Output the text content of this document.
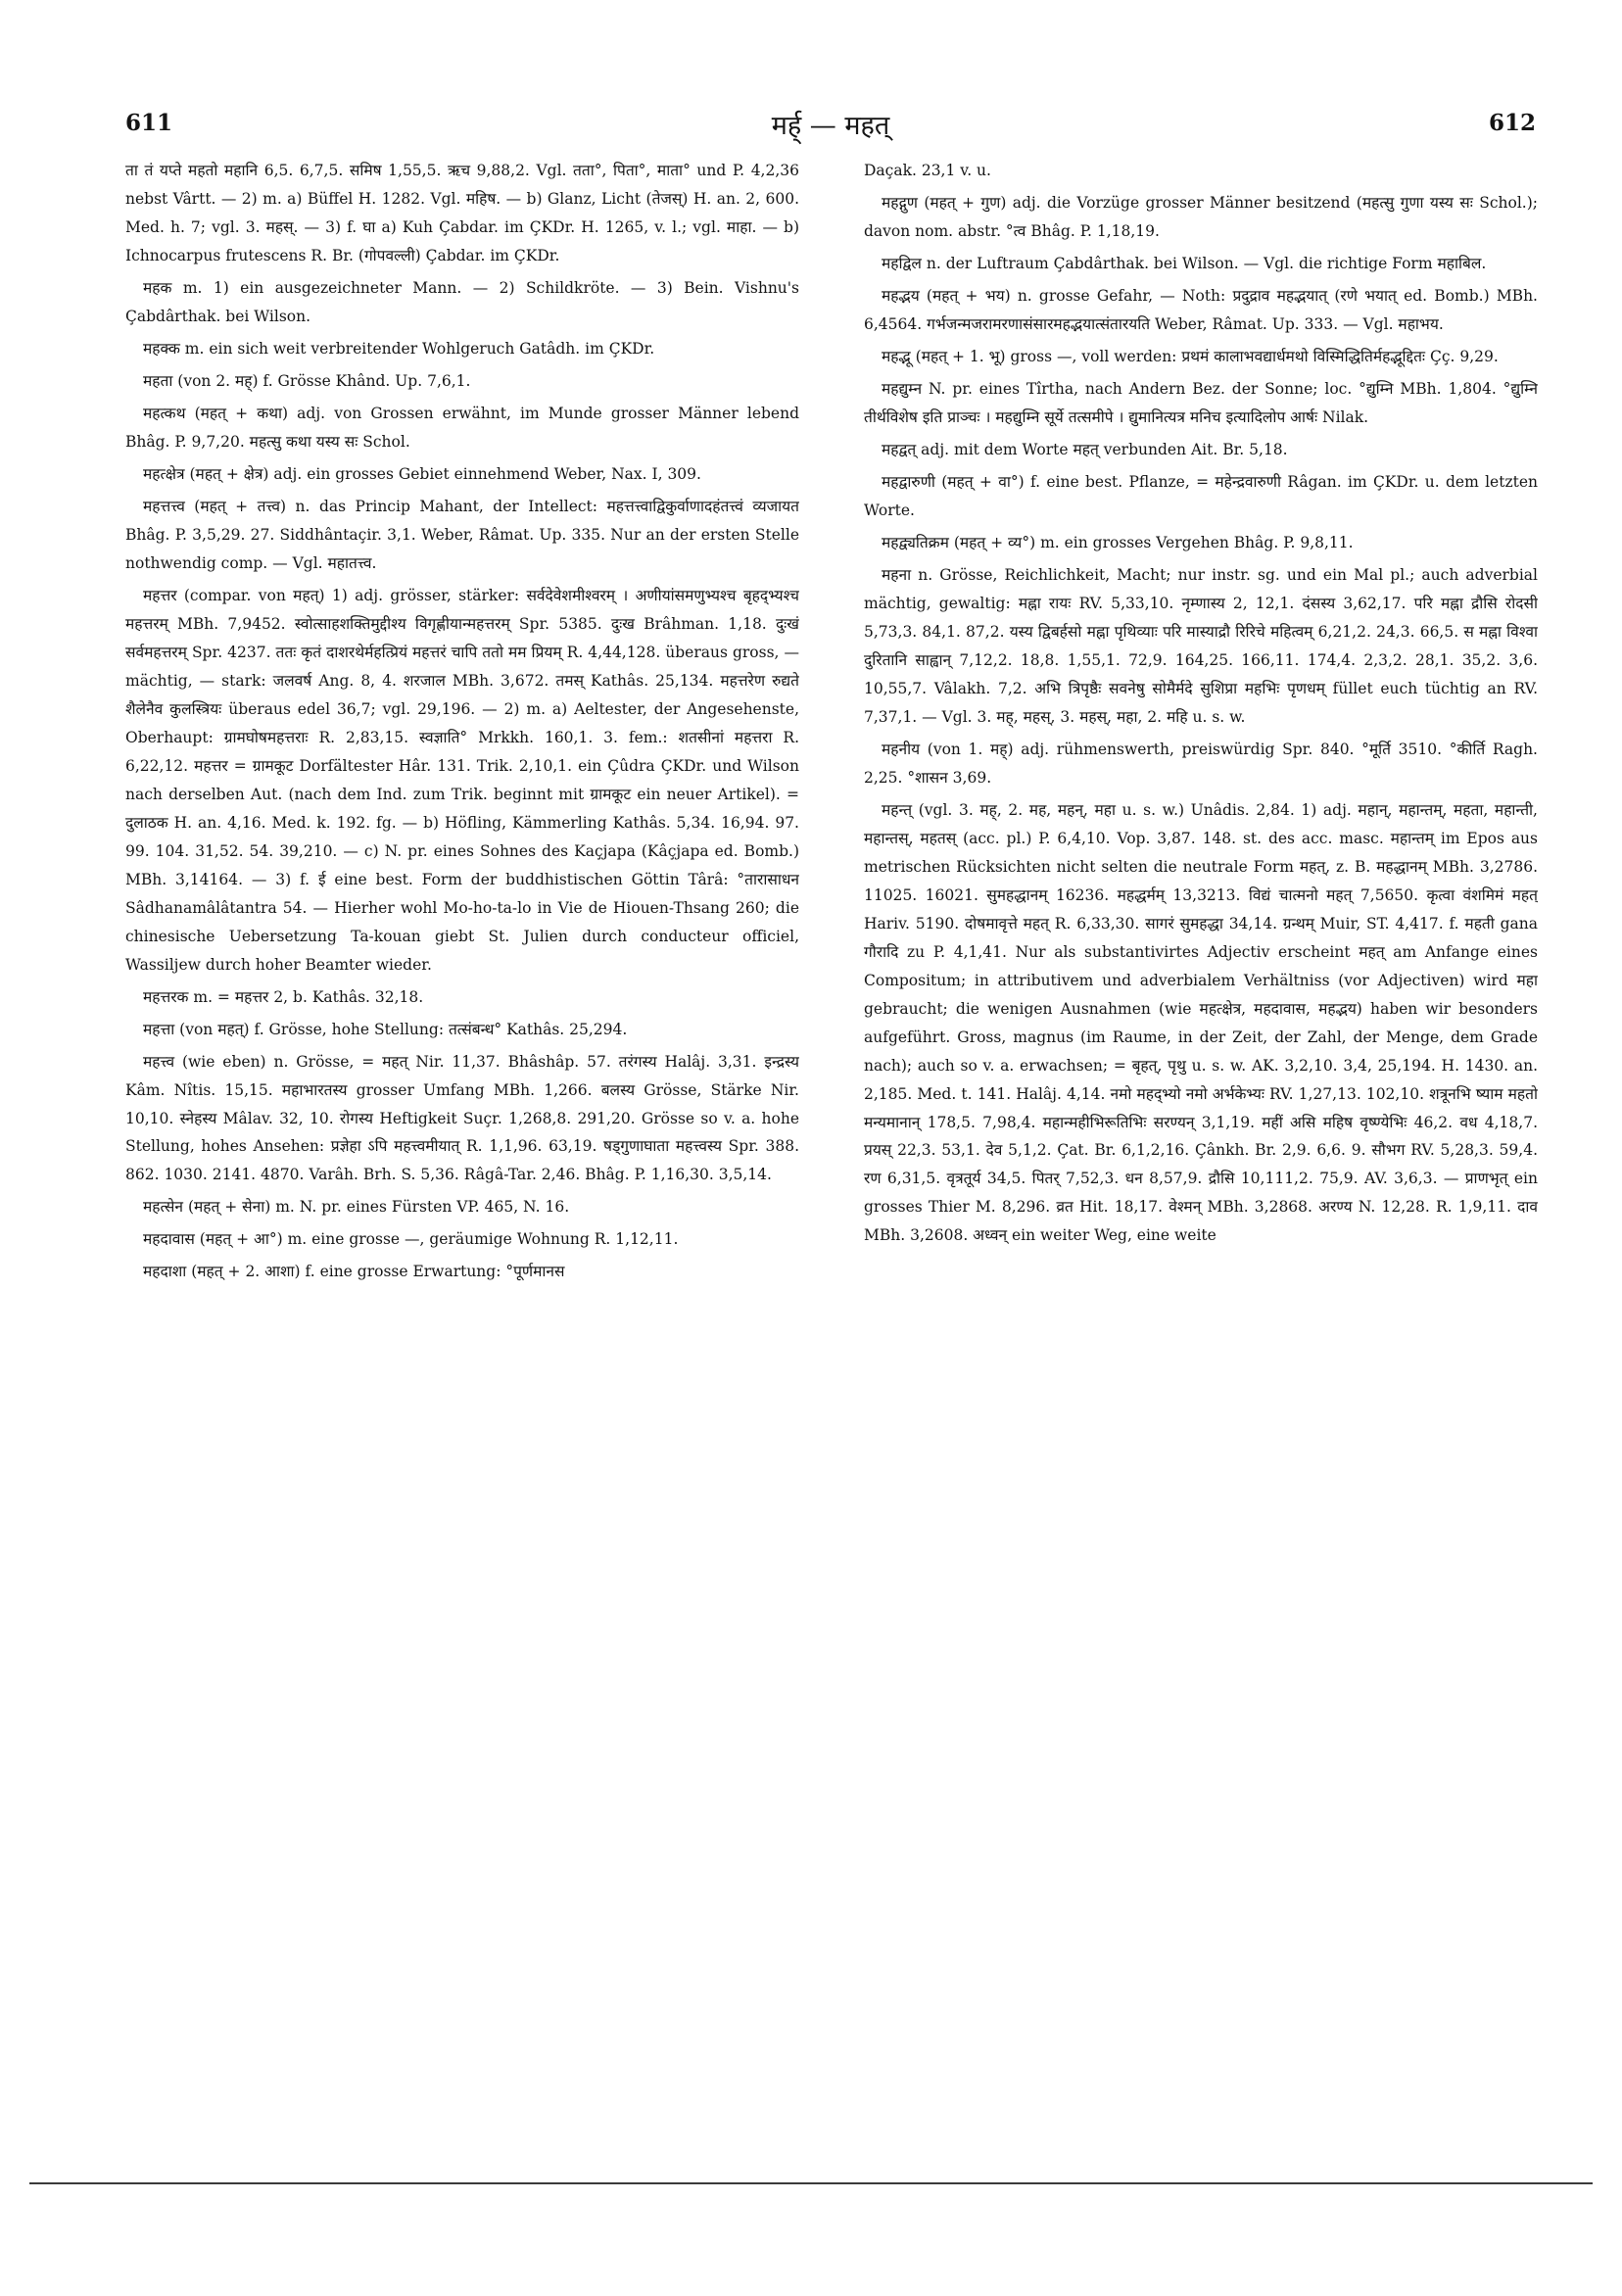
611	मर्ह् — महत्	612

ता तं यप्ते महतो महानि 6,5. 6,7,5. समिष 1,55,5. ऋच 9,88,2. Vgl. तता°, पिता°, माता° und P. 4,2,36 nebst Vârtt. — 2) m. a) Büffel H. 1282. Vgl. महिष. — b) Glanz, Licht (तेजस्) H. an. 2, 600. Med. h. 7; vgl. 3. महस्. — 3) f. घा a) Kuh Çabdar. im ÇKDr. H. 1265, v. l.; vgl. माहा. — b) Ichnocarpus frutescens R. Br. (गोपवल्ली) Çabdar. im ÇKDr.

महक m. 1) ein ausgezeichneter Mann. — 2) Schildkröte. — 3) Bein. Vishnu's Çabdârthak. bei Wilson.

महक्क m. ein sich weit verbreitender Wohlgeruch Gatâdh. im ÇKDr.

महता (von 2. मह्) f. Grösse Khând. Up. 7,6,1.

महत्कथ (महत् + कथा) adj. von Grossen erwähnt, im Munde grosser Männer lebend Bhâg. P. 9,7,20. महत्सु कथा यस्य सः Schol.

महत्क्षेत्र (महत् + क्षेत्र) adj. ein grosses Gebiet einnehmend Weber, Nax. I, 309.

महत्तत्त्व (महत् + तत्त्व) n. das Princip Mahant, der Intellect: महत्तत्त्वाद्विकुर्वाणादहंतत्त्वं व्यजायत Bhâg. P. 3,5,29. 27. Siddhântaçir. 3,1. Weber, Râmat. Up. 335. Nur an der ersten Stelle nothwendig comp. — Vgl. महातत्त्व.

महत्तर (compar. von महत्) 1) adj. grösser, stärker: सर्वदेवेशमीश्वरम् । अणीयांसमणुभ्यश्च बृहद्भ्यश्च महत्तरम् MBh. 7,9452. स्वोत्साहशक्तिमुद्दीश्य विगृह्णीयान्महत्तरम् Spr. 5385. दुःख Brâhman. 1,18. दुःखं सर्वमहत्तरम् Spr. 4237. ततः कृतं दाशरथेर्महत्प्रियं महत्तरं चापि ततो मम प्रियम् R. 4,44,128. überaus gross, — mächtig, — stark: जलवर्ष Ang. 8, 4. शरजाल MBh. 3,672. तमस् Kathâs. 25,134. महत्तरेण रुद्यते शैलेनैव कुलस्त्रियः überaus edel 36,7; vgl. 29,196. — 2) m. a) Aeltester, der Angesehenste, Oberhaupt: ग्रामघोषमहत्तराः R. 2,83,15. स्वज्ञाति° Mrkkh. 160,1. 3. fem.: शतसीनां महत्तरा R. 6,22,12. महत्तर = ग्रामकूट Dorfältester Hâr. 131. Trik. 2,10,1. ein Çûdra ÇKDr. und Wilson nach derselben Aut. (nach dem Ind. zum Trik. beginnt mit ग्रामकूट ein neuer Artikel). = दुलाठक H. an. 4,16. Med. k. 192. fg. — b) Höfling, Kämmerling Kathâs. 5,34. 16,94. 97. 99. 104. 31,52. 54. 39,210. — c) N. pr. eines Sohnes des Kaçjapa (Kâçjapa ed. Bomb.) MBh. 3,14164. — 3) f. ई eine best. Form der buddhistischen Göttin Târâ: °तारासाधन Sâdhanamâlâtantra 54. — Hierher wohl Mo-ho-ta-lo in Vie de Hiouen-Thsang 260; die chinesische Uebersetzung Ta-kouan giebt St. Julien durch conducteur officiel, Wassiljew durch hoher Beamter wieder.

महत्तरक m. = महत्तर 2, b. Kathâs. 32,18.

महत्ता (von महत्) f. Grösse, hohe Stellung: तत्संबन्ध° Kathâs. 25,294.

महत्त्व (wie eben) n. Grösse, = महत् Nir. 11,37. Bhâshâp. 57. तरंगस्य Halâj. 3,31. इन्द्रस्य Kâm. Nîtis. 15,15. महाभारतस्य grosser Umfang MBh. 1,266. बलस्य Grösse, Stärke Nir. 10,10. स्नेहस्य Mâlav. 32, 10. रोगस्य Heftigkeit Suçr. 1,268,8. 291,20. Grösse so v. a. hohe Stellung, hohes Ansehen: प्रज्ञेहा ऽपि महत्त्वमीयात् R. 1,1,96. 63,19. षड्गुणाघाता महत्त्वस्य Spr. 388. 862. 1030. 2141. 4870. Varâh. Brh. S. 5,36. Râgâ-Tar. 2,46. Bhâg. P. 1,16,30. 3,5,14.

महत्सेन (महत् + सेना) m. N. pr. eines Fürsten VP. 465, N. 16.

महदावास (महत् + आ°) m. eine grosse —, geräumige Wohnung R. 1,12,11.

महदाशा (महत् + 2. आशा) f. eine grosse Erwartung: °पूर्णमानस

Daçak. 23,1 v. u.

महद्गुण (महत् + गुण) adj. die Vorzüge grosser Männer besitzend (महत्सु गुणा यस्य सः Schol.); davon nom. abstr. °त्व Bhâg. P. 1,18,19.

महद्विल n. der Luftraum Çabdârthak. bei Wilson. — Vgl. die richtige Form महाबिल.

महद्भय (महत् + भय) n. grosse Gefahr, — Noth: प्रदुद्राव महद्भयात् (रणे भयात् ed. Bomb.) MBh. 6,4564. गर्भजन्मजरामरणासंसारमहद्भयात्संतारयति Weber, Râmat. Up. 333. — Vgl. महाभय.

महद्भू (महत् + 1. भू) gross —, voll werden: प्रथमं कालाभवद्यार्धमथो विस्मिद्धितिर्महद्भूद्दितः Çç. 9,29.

महद्युम्न N. pr. eines Tîrtha, nach Andern Bez. der Sonne; loc. °द्युम्नि MBh. 1,804. °द्युम्नि तीर्थविशेष इति प्राञ्चः । महद्युम्नि सूर्ये तत्समीपे । द्युमानित्यत्र मनिच इत्यादिलोप आर्षः Nilak.

महद्वत् adj. mit dem Worte महत् verbunden Ait. Br. 5,18.

महद्वारुणी (महत् + वा°) f. eine best. Pflanze, = महेन्द्रवारुणी Râgan. im ÇKDr. u. dem letzten Worte.

महद्व्यतिक्रम (महत् + व्य°) m. ein grosses Vergehen Bhâg. P. 9,8,11.

महना n. Grösse, Reichlichkeit, Macht; nur instr. sg. und ein Mal pl.; auch adverbial mächtig, gewaltig: मह्ना रायः RV. 5,33,10. नृम्णास्य 2, 12,1. दंसस्य 3,62,17. परि मह्ना द्रौसि रोदसी 5,73,3. 84,1. 87,2. यस्य द्विबर्हसो मह्ना पृथिव्याः परि मास्याद्रौ रिरिचे महित्वम् 6,21,2. 24,3. 66,5. स मह्ना विश्वा दुरितानि साह्वान् 7,12,2. 18,8. 1,55,1. 72,9. 164,25. 166,11. 174,4. 2,3,2. 28,1. 35,2. 3,6. 10,55,7. Vâlakh. 7,2. अभि त्रिपृष्ठैः सवनेषु सोमैर्मदे सुशिप्रा महभिः पृणधम् füllet euch tüchtig an RV. 7,37,1. — Vgl. 3. मह्, महस्, 3. महस्, महा, 2. महि u. s. w.

महनीय (von 1. मह्) adj. rühmenswerth, preiswürdig Spr. 840. °मूर्ति 3510. °कीर्ति Ragh. 2,25. °शासन 3,69.

महन्त् (vgl. 3. मह्, 2. मह, महन्, महा u. s. w.) Unâdis. 2,84. 1) adj. महान्, महान्तम्, महता, महान्ती, महान्तस्, महतस् (acc. pl.) P. 6,4,10. Vop. 3,87. 148. st. des acc. masc. महान्तम् im Epos aus metrischen Rücksichten nicht selten die neutrale Form महत्, z. B. महद्धानम् MBh. 3,2786. 11025. 16021. सुमहद्धानम् 16236. महद्धर्मम् 13,3213. विद्यं चात्मनो महत् 7,5650. कृत्वा वंशमिमं महत् Hariv. 5190. दोषमावृत्ते महत् R. 6,33,30. सागरं सुमहद्धा 34,14. ग्रन्थम् Muir, ST. 4,417. f. महती gana गौरादि zu P. 4,1,41. Nur als substantivirtes Adjectiv erscheint महत् am Anfange eines Compositum; in attributivem und adverbialem Verhältniss (vor Adjectiven) wird महा gebraucht; die wenigen Ausnahmen (wie महत्क्षेत्र, महदावास, महद्भय) haben wir besonders aufgeführt. Gross, magnus (im Raume, in der Zeit, der Zahl, der Menge, dem Grade nach); auch so v. a. erwachsen; = बृहत्, पृथु u. s. w. AK. 3,2,10. 3,4, 25,194. H. 1430. an. 2,185. Med. t. 141. Halâj. 4,14. नमो महद्भ्यो नमो अर्भकेभ्यः RV. 1,27,13. 102,10. शत्रूनभि ष्याम महतो मन्यमानान् 178,5. 7,98,4. महान्महीभिरूतिभिः सरण्यन् 3,1,19. महीं असि महिष वृष्ण्येभिः 46,2. वध 4,18,7. प्रयस् 22,3. 53,1. देव 5,1,2. Çat. Br. 6,1,2,16. Çânkh. Br. 2,9. 6,6. 9. सौभग RV. 5,28,3. 59,4. रण 6,31,5. वृत्रतूर्य 34,5. पितर् 7,52,3. धन 8,57,9. द्रौसि 10,111,2. 75,9. AV. 3,6,3. — प्राणभृत् ein grosses Thier M. 8,296. व्रत Hit. 18,17. वेश्मन् MBh. 3,2868. अरण्य N. 12,28. R. 1,9,11. दाव MBh. 3,2608. अध्वन् ein weiter Weg, eine weite
